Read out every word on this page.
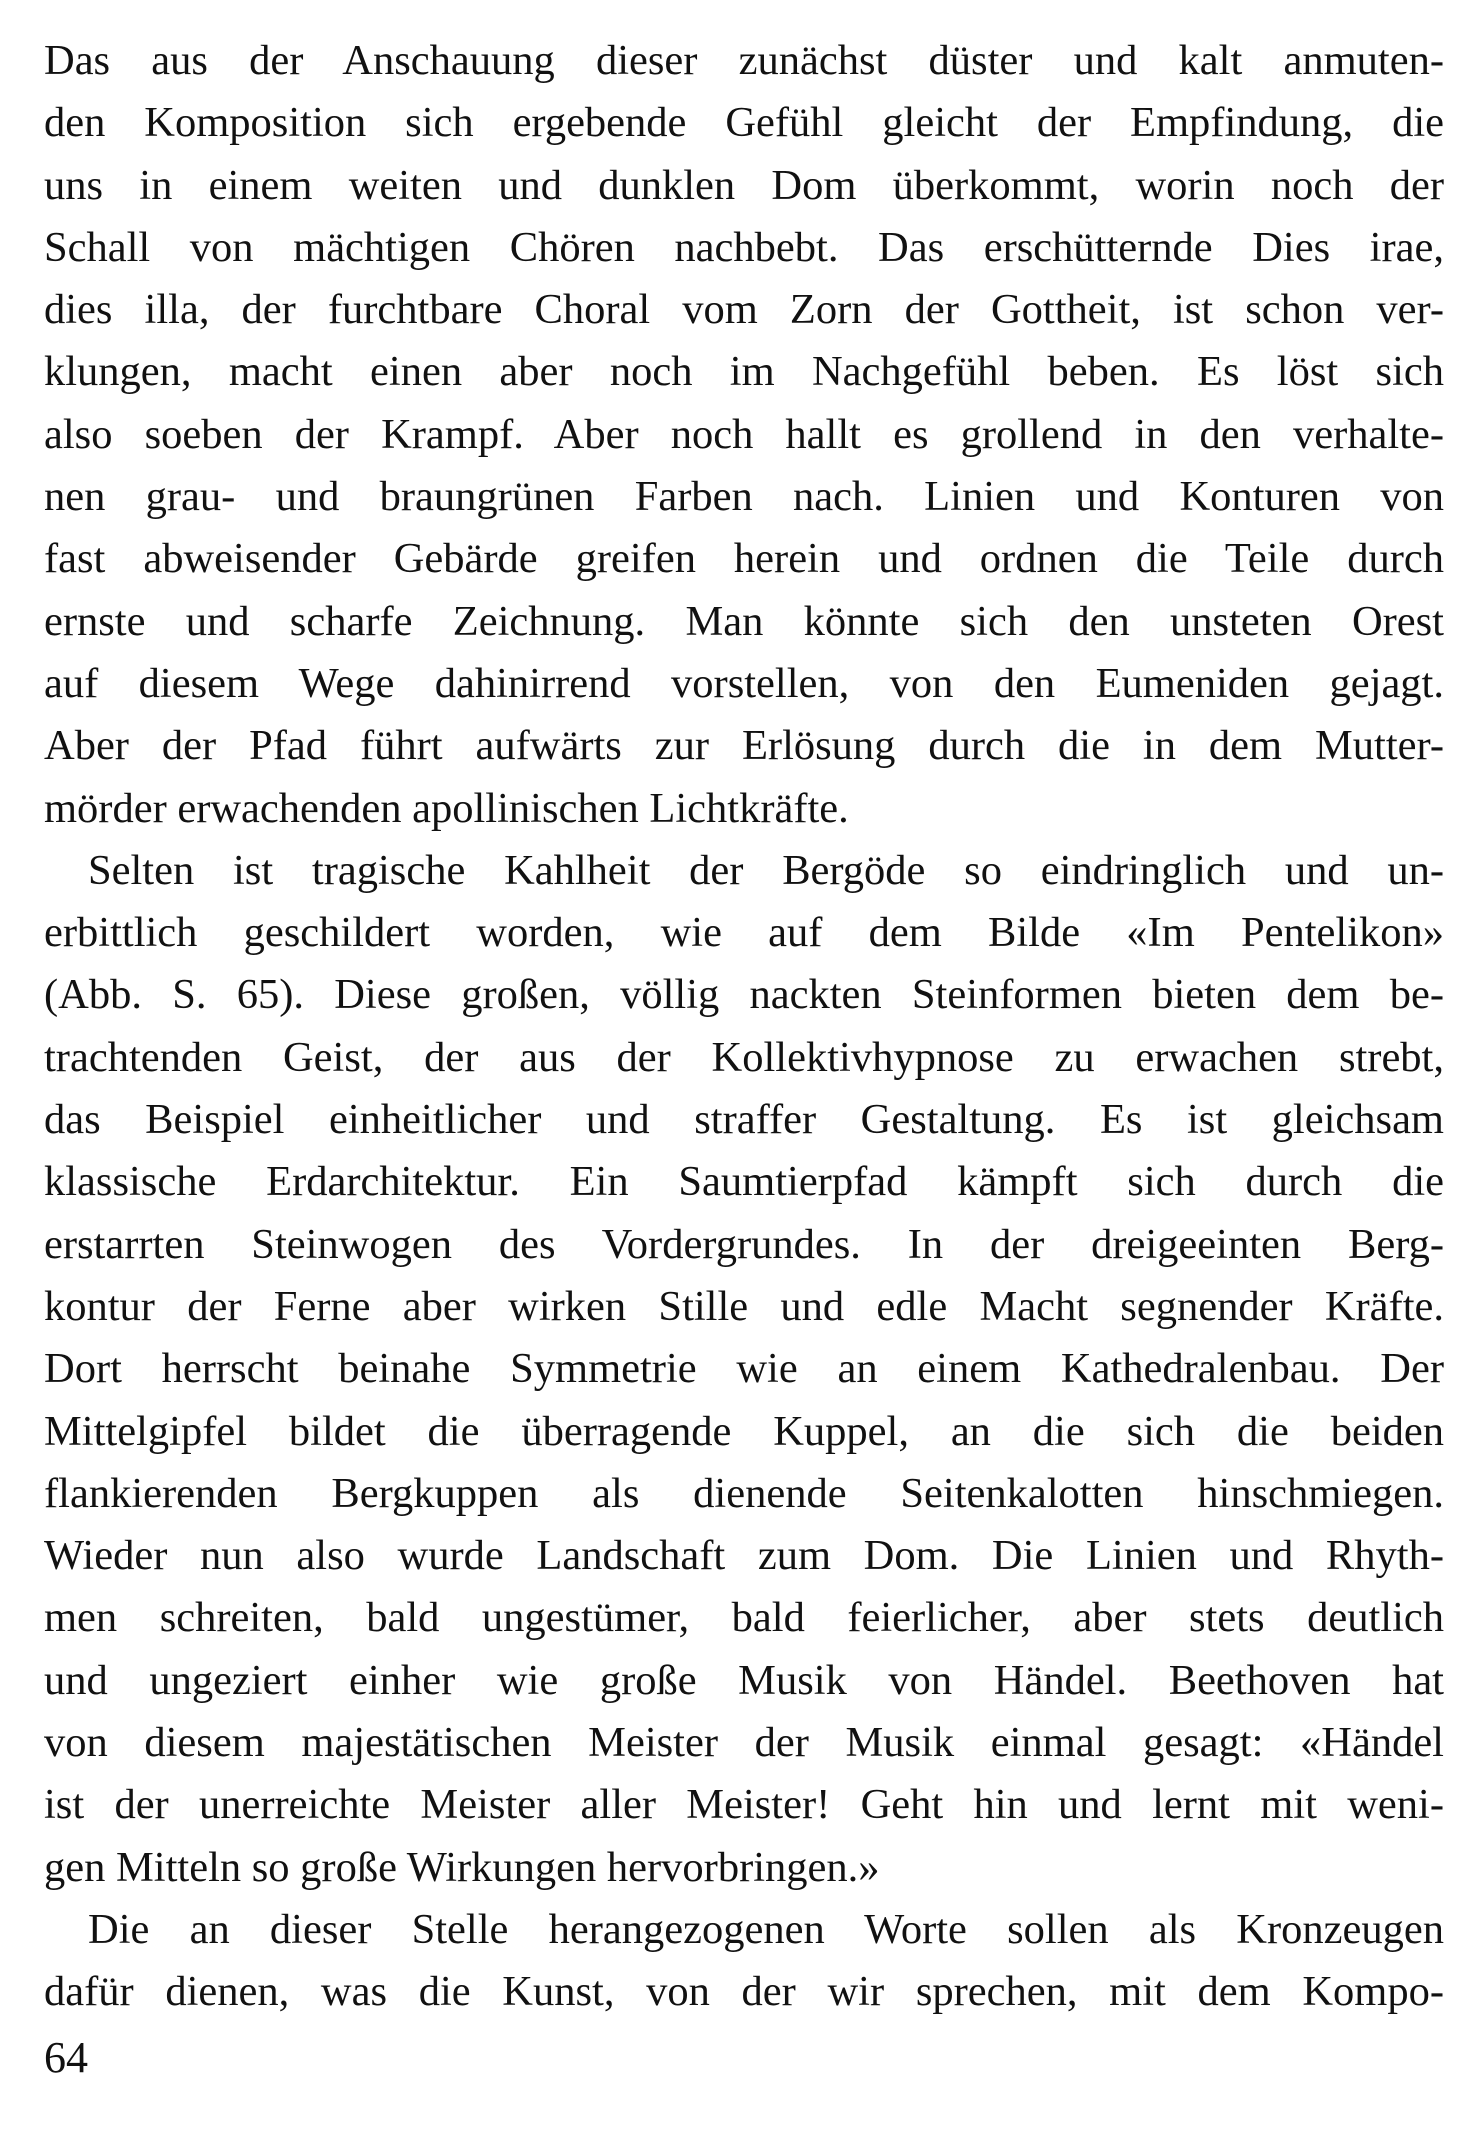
Das aus der Anschauung dieser zunächst düster und kalt anmuten-
den Komposition sich ergebende Gefühl gleicht der Empfindung, die
uns in einem weiten und dunklen Dom überkommt, worin noch der
Schall von mächtigen Chören nachbebt. Das erschütternde Dies irae,
dies illa, der furchtbare Choral vom Zorn der Gottheit, ist schon ver-
klungen, macht einen aber noch im Nachgefühl beben. Es löst sich
also soeben der Krampf. Aber noch hallt es grollend in den verhalte-
nen grau- und braungrünen Farben nach. Linien und Konturen von
fast abweisender Gebärde greifen herein und ordnen die Teile durch
ernste und scharfe Zeichnung. Man könnte sich den unsteten Orest
auf diesem Wege dahinirrend vorstellen, von den Eumeniden gejagt.
Aber der Pfad führt aufwärts zur Erlösung durch die in dem Mutter-
mörder erwachenden apollinischen Lichtkräfte.
Selten ist tragische Kahlheit der Bergöde so eindringlich und un-
erbittlich geschildert worden, wie auf dem Bilde «Im Pentelikon»
(Abb. S. 65). Diese großen, völlig nackten Steinformen bieten dem be-
trachtenden Geist, der aus der Kollektivhypnose zu erwachen strebt,
das Beispiel einheitlicher und straffer Gestaltung. Es ist gleichsam
klassische Erdarchitektur. Ein Saumtierpfad kämpft sich durch die
erstarrten Steinwogen des Vordergrundes. In der dreigeeinten Berg-
kontur der Ferne aber wirken Stille und edle Macht segnender Kräfte.
Dort herrscht beinahe Symmetrie wie an einem Kathedralenbau. Der
Mittelgipfel bildet die überragende Kuppel, an die sich die beiden
flankierenden Bergkuppen als dienende Seitenkalotten hinschmiegen.
Wieder nun also wurde Landschaft zum Dom. Die Linien und Rhyth-
men schreiten, bald ungestümer, bald feierlicher, aber stets deutlich
und ungeziert einher wie große Musik von Händel. Beethoven hat
von diesem majestätischen Meister der Musik einmal gesagt: «Händel
ist der unerreichte Meister aller Meister! Geht hin und lernt mit weni-
gen Mitteln so große Wirkungen hervorbringen.»
Die an dieser Stelle herangezogenen Worte sollen als Kronzeugen
dafür dienen, was die Kunst, von der wir sprechen, mit dem Kompo-
64
